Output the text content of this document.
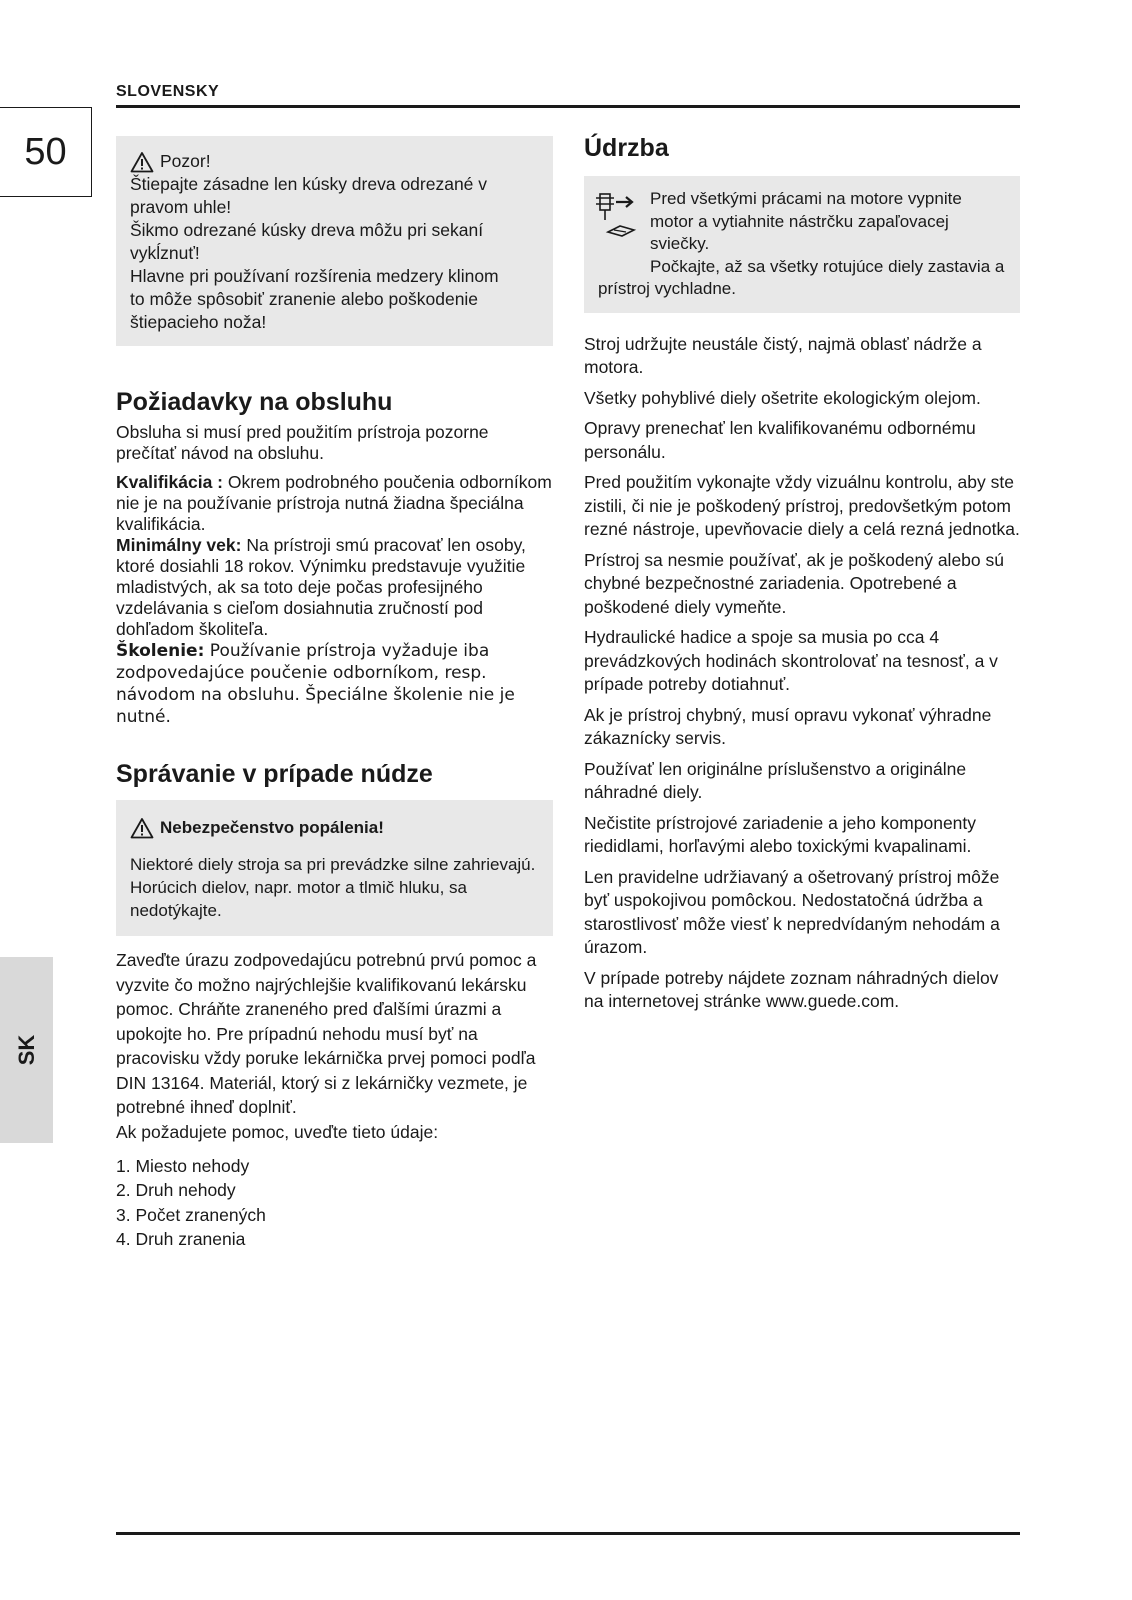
SLOVENSKY
50
SK
Pozor!
Štiepajte zásadne len kúsky dreva odrezané v
pravom uhle!
Šikmo odrezané kúsky dreva môžu pri sekaní
vykĺznuť!
Hlavne pri používaní rozšírenia medzery klinom
to môže spôsobiť zranenie alebo poškodenie
štiepacieho noža!
Požiadavky na obsluhu

Obsluha si musí pred použitím prístroja pozorne prečítať návod na obsluhu.

Kvalifikácia : Okrem podrobného poučenia odborníkom nie je na používanie prístroja nutná žiadna špeciálna kvalifikácia.

Minimálny vek: Na prístroji smú pracovať len osoby, ktoré dosiahli 18 rokov. Výnimku predstavuje využitie mladistvých, ak sa toto deje počas profesijného vzdelávania s cieľom dosiahnutia zručností pod dohľadom školiteľa.

Školenie: Používanie prístroja vyžaduje iba zodpovedajúce poučenie odborníkom, resp. návodom na obsluhu. Špeciálne školenie nie je nutné.

Správanie v prípade núdze
Nebezpečenstvo popálenia!

Niektoré diely stroja sa pri prevádzke silne zahrievajú. Horúcich dielov, napr. motor a tlmič hluku, sa nedotýkajte.

Zaveďte úrazu zodpovedajúcu potrebnú prvú pomoc a vyzvite čo možno najrýchlejšie kvalifikovanú lekársku pomoc. Chráňte zraneného pred ďalšími úrazmi a upokojte ho. Pre prípadnú nehodu musí byť na pracovisku vždy poruke lekárnička prvej pomoci podľa DIN 13164. Materiál, ktorý si z lekárničky vezmete, je potrebné ihneď doplniť.

Ak požadujete pomoc, uveďte tieto údaje:

1. Miesto nehody
2. Druh nehody
3. Počet zranených
4. Druh zranenia
Údrzba
Pred všetkými prácami na motore vypnite
motor a vytiahnite nástrčku zapaľovacej sviečky.
Počkajte, až sa všetky rotujúce diely zastavia a
prístroj vychladne.

Stroj udržujte neustále čistý, najmä oblasť nádrže a motora.

Všetky pohyblivé diely ošetrite ekologickým olejom.

Opravy prenechať len kvalifikovanému odbornému personálu.

Pred použitím vykonajte vždy vizuálnu kontrolu, aby ste zistili, či nie je poškodený prístroj, predovšetkým potom rezné nástroje, upevňovacie diely a celá rezná jednotka.

Prístroj sa nesmie používať, ak je poškodený alebo sú chybné bezpečnostné zariadenia. Opotrebené a poškodené diely vymeňte.

Hydraulické hadice a spoje sa musia po cca 4 prevádzkových hodinách skontrolovať na tesnosť, a v prípade potreby dotiahnuť.

Ak je prístroj chybný, musí opravu vykonať výhradne zákaznícky servis.

Používať len originálne príslušenstvo a originálne náhradné diely.

Nečistite prístrojové zariadenie a jeho komponenty riedidlami, horľavými alebo toxickými kvapalinami.

Len pravidelne udržiavaný a ošetrovaný prístroj môže byť uspokojivou pomôckou. Nedostatočná údržba a starostlivosť môže viesť k nepredvídaným nehodám a úrazom.

V prípade potreby nájdete zoznam náhradných dielov na internetovej stránke www.guede.com.
